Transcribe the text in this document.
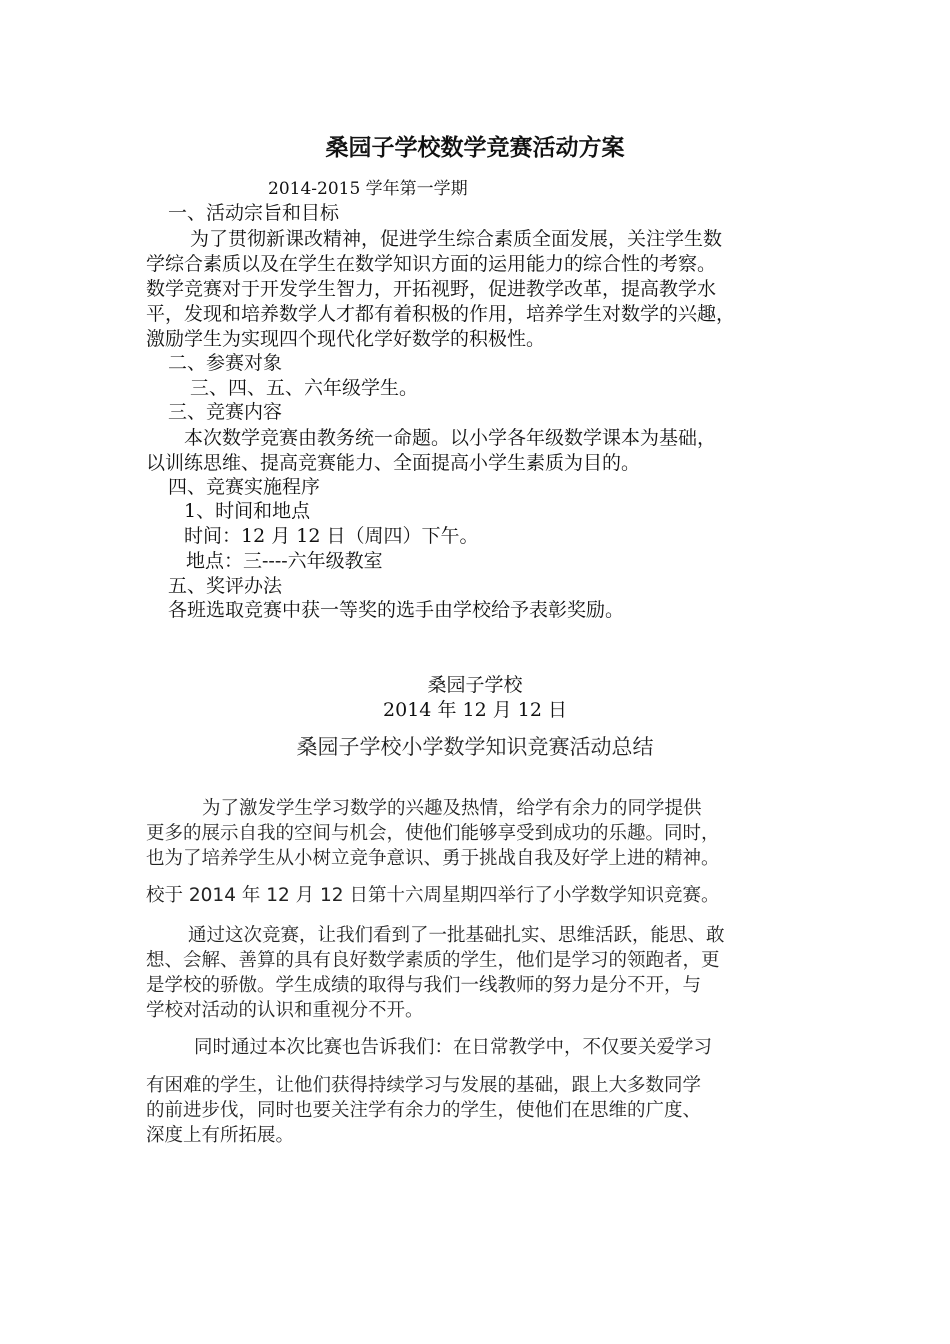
桑园子学校数学竞赛活动方案
2014-2015 学年第一学期
一、活动宗旨和目标
为了贯彻新课改精神，促进学生综合素质全面发展，关注学生数
学综合素质以及在学生在数学知识方面的运用能力的综合性的考察。
数学竞赛对于开发学生智力，开拓视野，促进教学改革，提高教学水
平，发现和培养数学人才都有着积极的作用，培养学生对数学的兴趣，
激励学生为实现四个现代化学好数学的积极性。
二、参赛对象
三、四、五、六年级学生。
三、竞赛内容
本次数学竞赛由教务统一命题。以小学各年级数学课本为基础，
以训练思维、提高竞赛能力、全面提高小学生素质为目的。
四、竞赛实施程序
1、时间和地点
时间：12 月 12 日（周四）下午。
地点：三----六年级教室
五、奖评办法
各班选取竞赛中获一等奖的选手由学校给予表彰奖励。
桑园子学校
2014 年 12 月 12 日
桑园子学校小学数学知识竞赛活动总结
为了激发学生学习数学的兴趣及热情，给学有余力的同学提供
更多的展示自我的空间与机会，使他们能够享受到成功的乐趣。同时，
也为了培养学生从小树立竞争意识、勇于挑战自我及好学上进的精神。
校于 2014 年 12 月 12 日第十六周星期四举行了小学数学知识竞赛。
通过这次竞赛，让我们看到了一批基础扎实、思维活跃，能思、敢
想、会解、善算的具有良好数学素质的学生，他们是学习的领跑者，更
是学校的骄傲。学生成绩的取得与我们一线教师的努力是分不开，与
学校对活动的认识和重视分不开。
同时通过本次比赛也告诉我们：在日常教学中，不仅要关爱学习
有困难的学生，让他们获得持续学习与发展的基础，跟上大多数同学
的前进步伐，同时也要关注学有余力的学生，使他们在思维的广度、
深度上有所拓展。
